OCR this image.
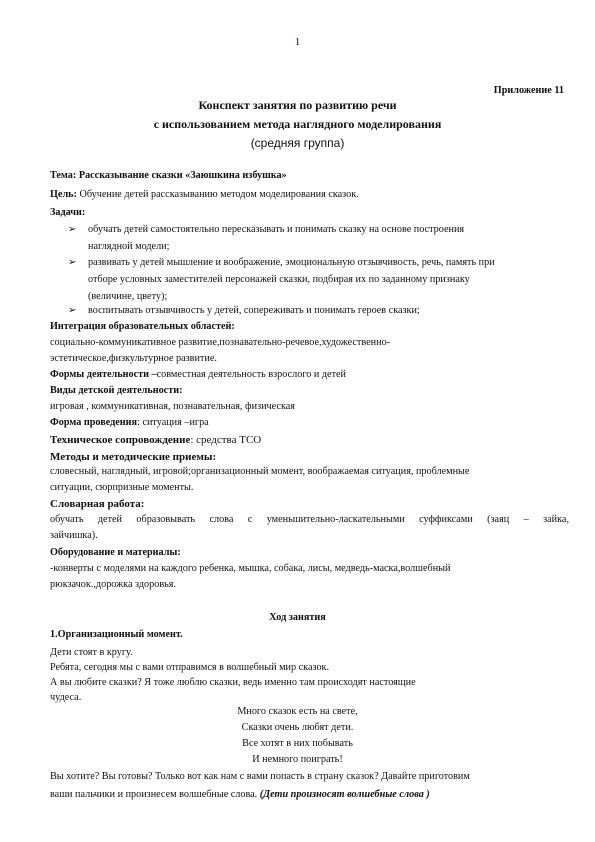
1
Приложение 11
Конспект занятия по развитию речи
с использованием метода наглядного моделирования
(средняя группа)
Тема: Рассказывание сказки «Заюшкина избушка»
Цель: Обучение детей рассказыванию методом моделирования сказок.
Задачи:
➢ обучать детей самостоятельно пересказывать и понимать сказку на основе построения
наглядной модели;
➢ развивать у детей мышление и воображение, эмоциональную отзывчивость, речь, память при
отборе условных заместителей персонажей сказки, подбирая их по заданному признаку
(величине, цвету);
➢ воспитывать отзывчивость у детей, сопереживать и понимать героев сказки;
Интеграция образовательных областей:
социально-коммуникативное развитие,познавательно-речевое,художественно-
эстетическое,физкультурное развитие.
Формы деятельности –совместная деятельность взрослого и детей
Виды детской деятельности:
игровая , коммуникативная, познавательная, физическая
Форма проведения: ситуация –игра
Техническое сопровождение: средства ТСО
Методы и методические приемы:
словесный, наглядный, игровой;организационный момент, воображаемая ситуация, проблемные
ситуации, сюрпризные моменты.
Словарная работа:
обучать детей образовывать слова с уменьшительно-ласкательными суффиксами (заяц – зайка,
зайчишка).
Оборудование и материалы:
-конверты с моделями на каждого ребенка, мышка, собака, лисы, медведь-маска,волшебный
рюкзачок.,дорожка здоровья.
Ход занятия
1.Организационный момент.
Дети стоят в кругу.
Ребята, сегодня мы с вами отправимся в волшебный мир сказок.
А вы любите сказки? Я тоже люблю сказки, ведь именно там происходят настоящие
чудеса.
Много сказок есть на свете,
Сказки очень любят дети.
Все хотят в них побывать
И немного поиграть!
Вы хотите? Вы готовы? Только вот как нам с вами попасть в страну сказок? Давайте приготовим
ваши пальчики и произнесем волшебные слова. (Дети произносят волшебные слова )
